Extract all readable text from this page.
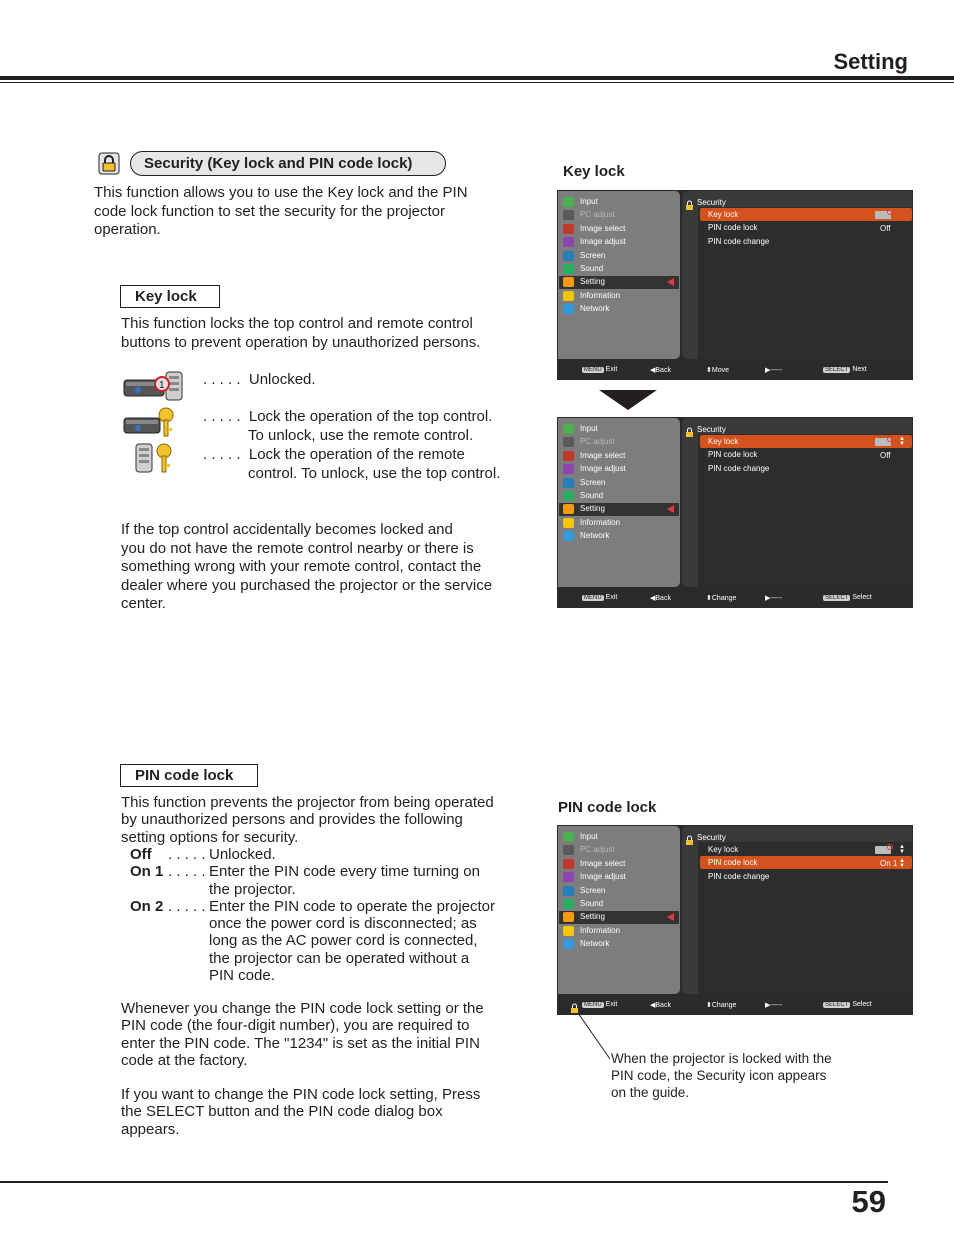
Setting
Security (Key lock and PIN code lock)
This function allows you to use the Key lock and the PIN
code lock function to set the security for the projector
operation.
Key lock
This function locks the top control and remote control
buttons to prevent operation by unauthorized persons.
1	. . . . . Unlocked.
. . . . . Lock the operation of the top control.
To unlock, use the remote control.
. . . . . Lock the operation of the remote
control. To unlock, use the top control.
If the top control accidentally becomes locked and
you do not have the remote control nearby or there is
something wrong with your remote control, contact the
dealer where you purchased the projector or the service
center.
PIN code lock
This function prevents the projector from being operated
by unauthorized persons and provides the following
setting options for security.
Off . . . . . Unlocked.
On 1 . . . . . Enter the PIN code every time turning on
the projector.
On 2 . . . . . Enter the PIN code to operate the projector
once the power cord is disconnected; as
long as the AC power cord is connected,
the projector can be operated without a
PIN code.
Whenever you change the PIN code lock setting or the
PIN code (the four-digit number), you are required to
enter the PIN code. The "1234" is set as the initial PIN
code at the factory.
If you want to change the PIN code lock setting, Press
the SELECT button and the PIN code dialog box
appears.
Key lock
PIN code lock
Input
PC adjust
Image select
Image adjust
Screen
Sound
Setting
Information
Network
Security
Key lock
PIN code lock
PIN code change
Off
MENU Exit	◀Back	⬍Move	▶-----	SELECT Next
Input
PC adjust
Image select
Image adjust
Screen
Sound
Setting
Information
Network
Security
Key lock
PIN code lock
PIN code change
▲
▼
Off
MENU Exit	◀Back	⬍Change	▶-----	SELECT Select
Input
PC adjust
Image select
Image adjust
Screen
Sound
Setting
Information
Network
Security
Key lock
PIN code lock
PIN code change
▲
▼
On 1 ▲
▼
MENU Exit	◀Back	⬍Change	▶-----	SELECT Select
When the projector is locked with the
PIN code, the Security icon appears
on the guide.
59
